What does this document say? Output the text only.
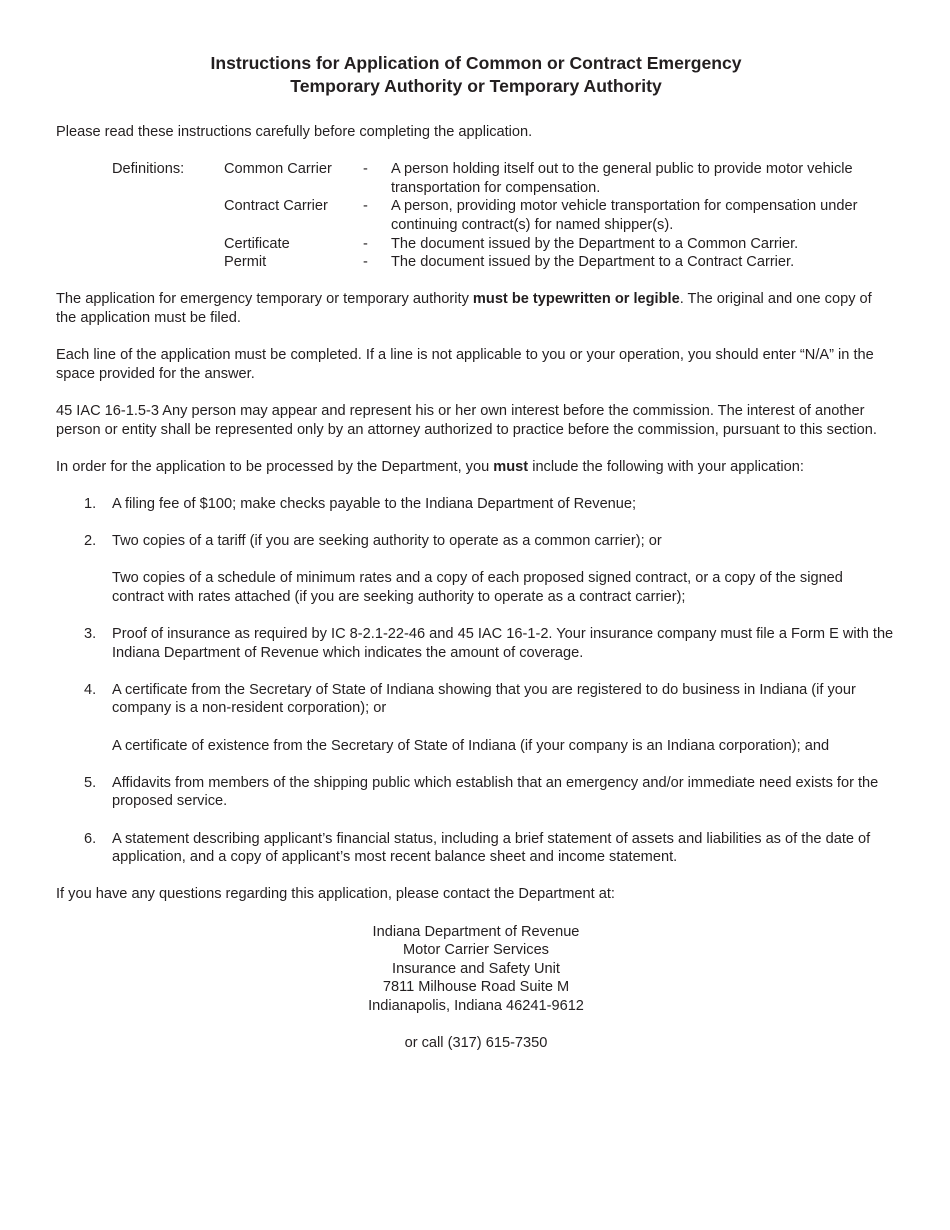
Instructions for Application of Common or Contract Emergency
Temporary Authority or Temporary Authority

Please read these instructions carefully before completing the application.

Definitions:	Common Carrier - A person holding itself out to the general public to provide motor vehicle transportation for compensation.
Contract Carrier - A person, providing motor vehicle transportation for compensation under continuing contract(s) for named shipper(s).
Certificate	- The document issued by the Department to a Common Carrier.
Permit	- The document issued by the Department to a Contract Carrier.

The application for emergency temporary or temporary authority must be typewritten or legible. The original and one copy of the application must be filed.

Each line of the application must be completed. If a line is not applicable to you or your operation, you should enter “N/A” in the space provided for the answer.

45 IAC 16-1.5-3 Any person may appear and represent his or her own interest before the commission. The interest of another person or entity shall be represented only by an attorney authorized to practice before the commission, pursuant to this section.

In order for the application to be processed by the Department, you must include the following with your application:

1. A filing fee of $100; make checks payable to the Indiana Department of Revenue;
2. Two copies of a tariff (if you are seeking authority to operate as a common carrier); or
Two copies of a schedule of minimum rates and a copy of each proposed signed contract, or a copy of the signed contract with rates attached (if you are seeking authority to operate as a contract carrier);
3. Proof of insurance as required by IC 8-2.1-22-46 and 45 IAC 16-1-2. Your insurance company must file a Form E with the Indiana Department of Revenue which indicates the amount of coverage.
4. A certificate from the Secretary of State of Indiana showing that you are registered to do business in Indiana (if your company is a non-resident corporation); or
A certificate of existence from the Secretary of State of Indiana (if your company is an Indiana corporation); and
5. Affidavits from members of the shipping public which establish that an emergency and/or immediate need exists for the proposed service.
6. A statement describing applicant’s financial status, including a brief statement of assets and liabilities as of the date of application, and a copy of applicant’s most recent balance sheet and income statement.

If you have any questions regarding this application, please contact the Department at:

Indiana Department of Revenue
Motor Carrier Services
Insurance and Safety Unit
7811 Milhouse Road Suite M
Indianapolis, Indiana 46241-9612
or call (317) 615-7350
